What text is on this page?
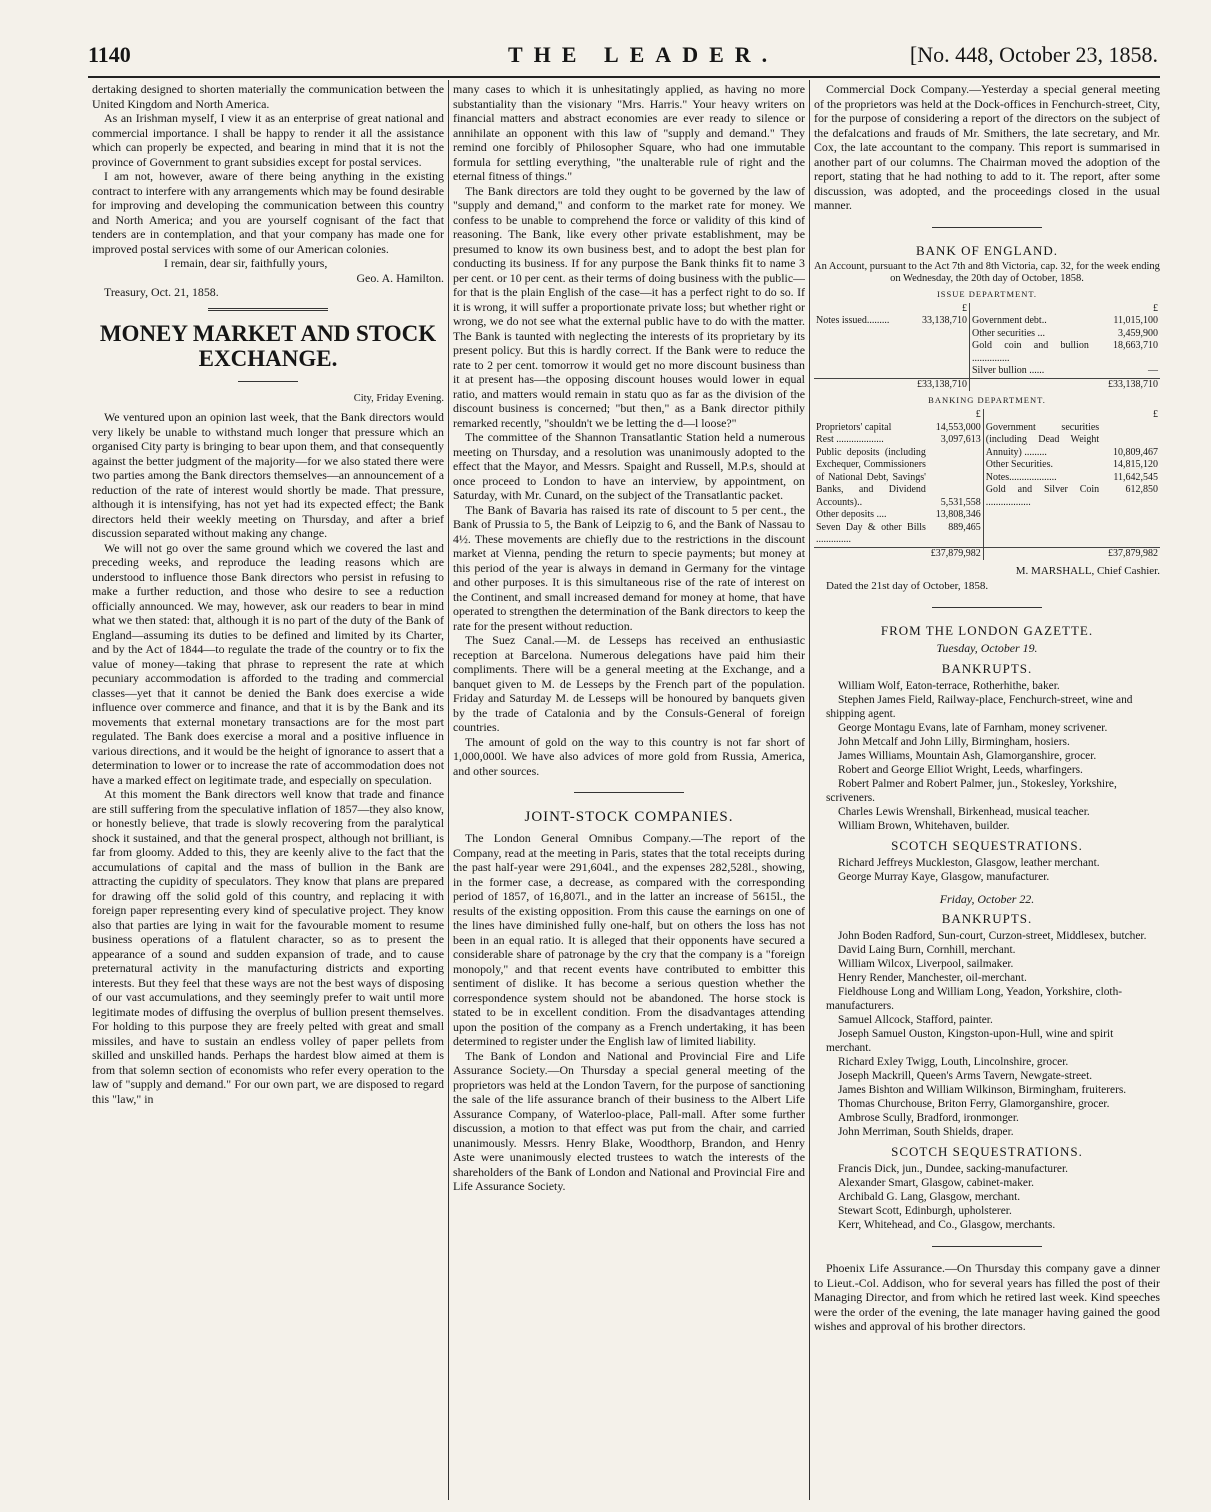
1140	THE LEADER.	[No. 448, October 23, 1858.

dertaking designed to shorten materially the communication between the United Kingdom and North America.

As an Irishman myself, I view it as an enterprise of great national and commercial importance. I shall be happy to render it all the assistance which can properly be expected, and bearing in mind that it is not the province of Government to grant subsidies except for postal services.

I am not, however, aware of there being anything in the existing contract to interfere with any arrangements which may be found desirable for improving and developing the communication between this country and North America; and you are yourself cognisant of the fact that tenders are in contemplation, and that your company has made one for improved postal services with some of our American colonies.

I remain, dear sir, faithfully yours,

Geo. A. Hamilton.

Treasury, Oct. 21, 1858.

MONEY MARKET AND STOCK EXCHANGE.
City, Friday Evening.

We ventured upon an opinion last week, that the Bank directors would very likely be unable to withstand much longer that pressure which an organised City party is bringing to bear upon them, and that consequently against the better judgment of the majority—for we also stated there were two parties among the Bank directors themselves—an announcement of a reduction of the rate of interest would shortly be made. That pressure, although it is intensifying, has not yet had its expected effect; the Bank directors held their weekly meeting on Thursday, and after a brief discussion separated without making any change.

We will not go over the same ground which we covered the last and preceding weeks, and reproduce the leading reasons which are understood to influence those Bank directors who persist in refusing to make a further reduction, and those who desire to see a reduction officially announced. We may, however, ask our readers to bear in mind what we then stated: that, although it is no part of the duty of the Bank of England—assuming its duties to be defined and limited by its Charter, and by the Act of 1844—to regulate the trade of the country or to fix the value of money—taking that phrase to represent the rate at which pecuniary accommodation is afforded to the trading and commercial classes—yet that it cannot be denied the Bank does exercise a wide influence over commerce and finance, and that it is by the Bank and its movements that external monetary transactions are for the most part regulated. The Bank does exercise a moral and a positive influence in various directions, and it would be the height of ignorance to assert that a determination to lower or to increase the rate of accommodation does not have a marked effect on legitimate trade, and especially on speculation.

At this moment the Bank directors well know that trade and finance are still suffering from the speculative inflation of 1857—they also know, or honestly believe, that trade is slowly recovering from the paralytical shock it sustained, and that the general prospect, although not brilliant, is far from gloomy. Added to this, they are keenly alive to the fact that the accumulations of capital and the mass of bullion in the Bank are attracting the cupidity of speculators. They know that plans are prepared for drawing off the solid gold of this country, and replacing it with foreign paper representing every kind of speculative project. They know also that parties are lying in wait for the favourable moment to resume business operations of a flatulent character, so as to present the appearance of a sound and sudden expansion of trade, and to cause preternatural activity in the manufacturing districts and exporting interests. But they feel that these ways are not the best ways of disposing of our vast accumulations, and they seemingly prefer to wait until more legitimate modes of diffusing the overplus of bullion present themselves. For holding to this purpose they are freely pelted with great and small missiles, and have to sustain an endless volley of paper pellets from skilled and unskilled hands. Perhaps the hardest blow aimed at them is from that solemn section of economists who refer every operation to the law of "supply and demand." For our own part, we are disposed to regard this "law," in

many cases to which it is unhesitatingly applied, as having no more substantiality than the visionary "Mrs. Harris." Your heavy writers on financial matters and abstract economies are ever ready to silence or annihilate an opponent with this law of "supply and demand." They remind one forcibly of Philosopher Square, who had one immutable formula for settling everything, "the unalterable rule of right and the eternal fitness of things."

The Bank directors are told they ought to be governed by the law of "supply and demand," and conform to the market rate for money. We confess to be unable to comprehend the force or validity of this kind of reasoning. The Bank, like every other private establishment, may be presumed to know its own business best, and to adopt the best plan for conducting its business. If for any purpose the Bank thinks fit to name 3 per cent. or 10 per cent. as their terms of doing business with the public—for that is the plain English of the case—it has a perfect right to do so. If it is wrong, it will suffer a proportionate private loss; but whether right or wrong, we do not see what the external public have to do with the matter. The Bank is taunted with neglecting the interests of its proprietary by its present policy. But this is hardly correct. If the Bank were to reduce the rate to 2 per cent. tomorrow it would get no more discount business than it at present has—the opposing discount houses would lower in equal ratio, and matters would remain in statu quo as far as the division of the discount business is concerned; "but then," as a Bank director pithily remarked recently, "shouldn't we be letting the d—l loose?"

The committee of the Shannon Transatlantic Station held a numerous meeting on Thursday, and a resolution was unanimously adopted to the effect that the Mayor, and Messrs. Spaight and Russell, M.P.s, should at once proceed to London to have an interview, by appointment, on Saturday, with Mr. Cunard, on the subject of the Transatlantic packet.

The Bank of Bavaria has raised its rate of discount to 5 per cent., the Bank of Prussia to 5, the Bank of Leipzig to 6, and the Bank of Nassau to 4½. These movements are chiefly due to the restrictions in the discount market at Vienna, pending the return to specie payments; but money at this period of the year is always in demand in Germany for the vintage and other purposes. It is this simultaneous rise of the rate of interest on the Continent, and small increased demand for money at home, that have operated to strengthen the determination of the Bank directors to keep the rate for the present without reduction.

The Suez Canal.—M. de Lesseps has received an enthusiastic reception at Barcelona. Numerous delegations have paid him their compliments. There will be a general meeting at the Exchange, and a banquet given to M. de Lesseps by the French part of the population. Friday and Saturday M. de Lesseps will be honoured by banquets given by the trade of Catalonia and by the Consuls-General of foreign countries.

The amount of gold on the way to this country is not far short of 1,000,000l. We have also advices of more gold from Russia, America, and other sources.

JOINT-STOCK COMPANIES.

The London General Omnibus Company.—The report of the Company, read at the meeting in Paris, states that the total receipts during the past half-year were 291,604l., and the expenses 282,528l., showing, in the former case, a decrease, as compared with the corresponding period of 1857, of 16,807l., and in the latter an increase of 5615l., the results of the existing opposition. From this cause the earnings on one of the lines have diminished fully one-half, but on others the loss has not been in an equal ratio. It is alleged that their opponents have secured a considerable share of patronage by the cry that the company is a "foreign monopoly," and that recent events have contributed to embitter this sentiment of dislike. It has become a serious question whether the correspondence system should not be abandoned. The horse stock is stated to be in excellent condition. From the disadvantages attending upon the position of the company as a French undertaking, it has been determined to register under the English law of limited liability.

The Bank of London and National and Provincial Fire and Life Assurance Society.—On Thursday a special general meeting of the proprietors was held at the London Tavern, for the purpose of sanctioning the sale of the life assurance branch of their business to the Albert Life Assurance Company, of Waterloo-place, Pall-mall. After some further discussion, a motion to that effect was put from the chair, and carried unanimously. Messrs. Henry Blake, Woodthorp, Brandon, and Henry Aste were unanimously elected trustees to watch the interests of the shareholders of the Bank of London and National and Provincial Fire and Life Assurance Society.

Commercial Dock Company.—Yesterday a special general meeting of the proprietors was held at the Dock-offices in Fenchurch-street, City, for the purpose of considering a report of the directors on the subject of the defalcations and frauds of Mr. Smithers, the late secretary, and Mr. Cox, the late accountant to the company. This report is summarised in another part of our columns. The Chairman moved the adoption of the report, stating that he had nothing to add to it. The report, after some discussion, was adopted, and the proceedings closed in the usual manner.

BANK OF ENGLAND.

An Account, pursuant to the Act 7th and 8th Victoria, cap. 32, for the week ending on Wednesday, the 20th day of October, 1858.

ISSUE DEPARTMENT.
	£			£
Notes issued.........	33,138,710		Government debt..	11,015,100
			Other securities ...	3,459,900
			Gold coin and bullion ...............	18,663,710
			Silver bullion ......	—
	£33,138,710			£33,138,710
BANKING DEPARTMENT.
	£			£
Proprietors' capital	14,553,000		Government securities (including Dead Weight Annuity) .........	10,809,467
Rest ...................	3,097,613		
Public deposits (including Exchequer, Commissioners of National Debt, Savings' Banks, and Dividend Accounts)..	5,531,558		
		Other Securities.	14,815,120
		Notes...................	11,642,545
		Gold and Silver Coin ..................	612,850
Other deposits ....	13,808,346			
Seven Day & other Bills ..............	889,465			
	£37,879,982			£37,879,982

M. MARSHALL, Chief Cashier.

Dated the 21st day of October, 1858.

FROM THE LONDON GAZETTE.
Tuesday, October 19.
BANKRUPTS.

William Wolf, Eaton-terrace, Rotherhithe, baker.

Stephen James Field, Railway-place, Fenchurch-street, wine and shipping agent.

George Montagu Evans, late of Farnham, money scrivener.

John Metcalf and John Lilly, Birmingham, hosiers.

James Williams, Mountain Ash, Glamorganshire, grocer.

Robert and George Elliot Wright, Leeds, wharfingers.

Robert Palmer and Robert Palmer, jun., Stokesley, Yorkshire, scriveners.

Charles Lewis Wrenshall, Birkenhead, musical teacher.

William Brown, Whitehaven, builder.

SCOTCH SEQUESTRATIONS.

Richard Jeffreys Muckleston, Glasgow, leather merchant.

George Murray Kaye, Glasgow, manufacturer.

Friday, October 22.
BANKRUPTS.

John Boden Radford, Sun-court, Curzon-street, Middlesex, butcher.

David Laing Burn, Cornhill, merchant.

William Wilcox, Liverpool, sailmaker.

Henry Render, Manchester, oil-merchant.

Fieldhouse Long and William Long, Yeadon, Yorkshire, cloth-manufacturers.

Samuel Allcock, Stafford, painter.

Joseph Samuel Ouston, Kingston-upon-Hull, wine and spirit merchant.

Richard Exley Twigg, Louth, Lincolnshire, grocer.

Joseph Mackrill, Queen's Arms Tavern, Newgate-street.

James Bishton and William Wilkinson, Birmingham, fruiterers.

Thomas Churchouse, Briton Ferry, Glamorganshire, grocer.

Ambrose Scully, Bradford, ironmonger.

John Merriman, South Shields, draper.

SCOTCH SEQUESTRATIONS.

Francis Dick, jun., Dundee, sacking-manufacturer.

Alexander Smart, Glasgow, cabinet-maker.

Archibald G. Lang, Glasgow, merchant.

Stewart Scott, Edinburgh, upholsterer.

Kerr, Whitehead, and Co., Glasgow, merchants.

Phoenix Life Assurance.—On Thursday this company gave a dinner to Lieut.-Col. Addison, who for several years has filled the post of their Managing Director, and from which he retired last week. Kind speeches were the order of the evening, the late manager having gained the good wishes and approval of his brother directors.
